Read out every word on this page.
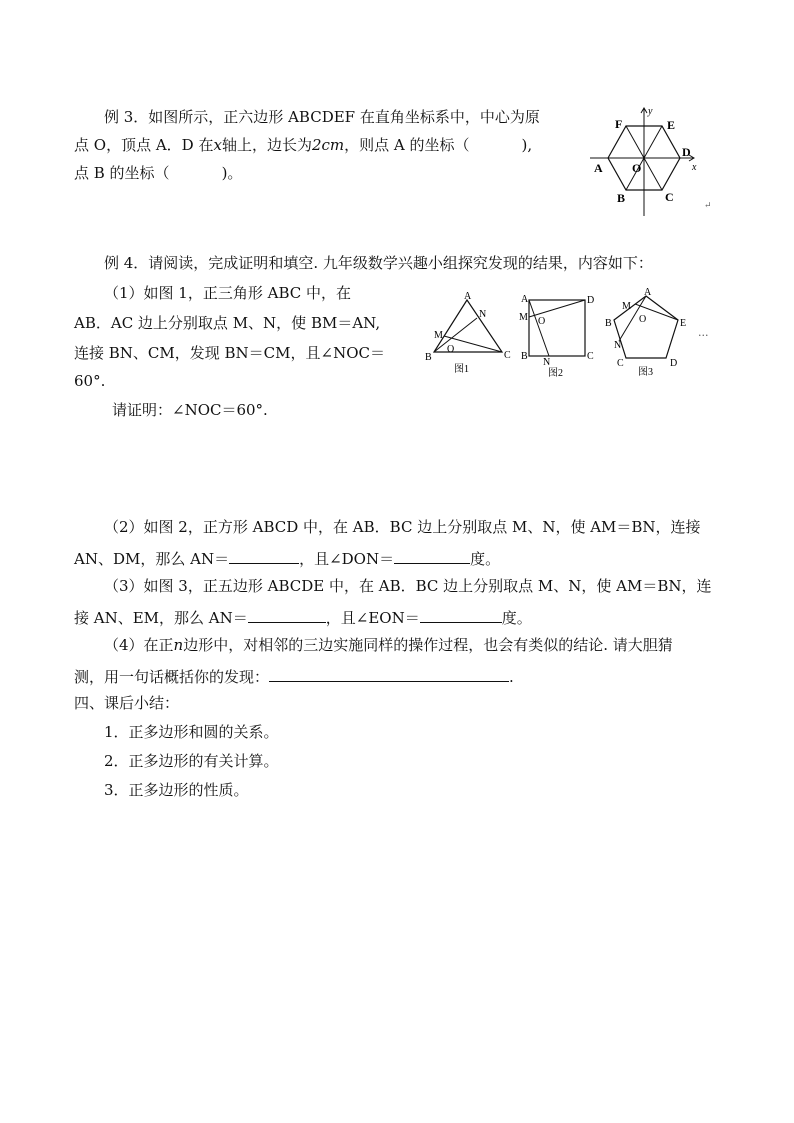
例 3．如图所示，正六边形 ABCDEF 在直角坐标系中，中心为原
点 O，顶点 A．D 在x轴上，边长为2cm，则点 A 的坐标（	),
点 B 的坐标（	)。
F	E
D
A O
C
B
x
y
↵
例 4．请阅读，完成证明和填空. 九年级数学兴趣小组探究发现的结果，内容如下：
（1）如图 1，正三角形 ABC 中，在
AB．AC 边上分别取点 M、N，使 BM＝AN,
连接 BN、CM，发现 BN＝CM，且∠NOC＝
60°.
请证明：∠NOC＝60°.
A
N
M
O
B	C
图1
A	D
M O
B
N
C
图2
A
M
B	O	E
N
C	D
图3
...
（2）如图 2，正方形 ABCD 中，在 AB．BC 边上分别取点 M、N，使 AM＝BN，连接
AN、DM，那么 AN＝	，且∠DON＝	度。
（3）如图 3，正五边形 ABCDE 中，在 AB．BC 边上分别取点 M、N，使 AM＝BN，连
接 AN、EM，那么 AN＝	，且∠EON＝	度。
（4）在正n边形中，对相邻的三边实施同样的操作过程，也会有类似的结论. 请大胆猜
测，用一句话概括你的发现：	.
四、课后小结：
1．正多边形和圆的关系。
2．正多边形的有关计算。
3．正多边形的性质。
